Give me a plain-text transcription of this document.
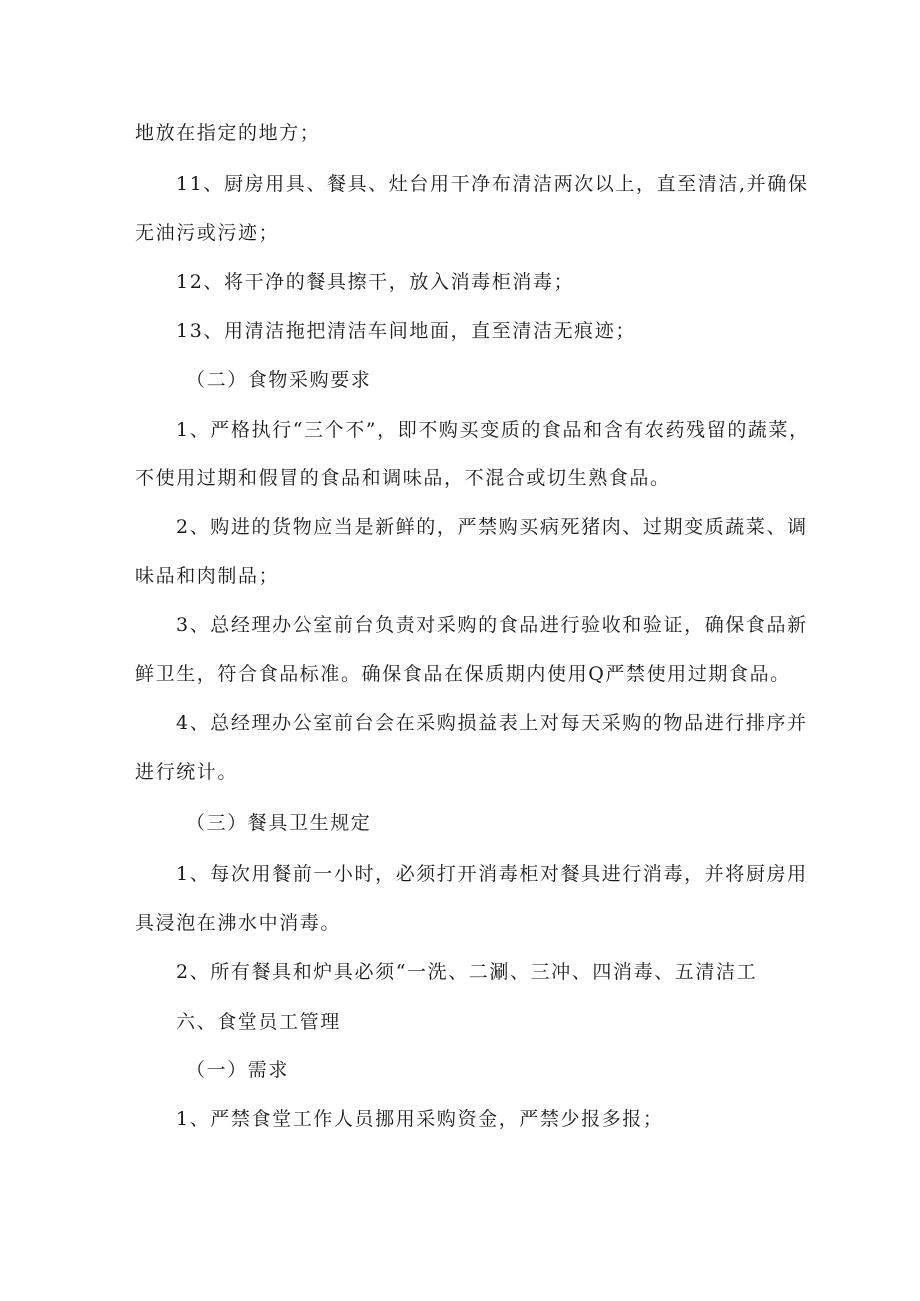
地放在指定的地方；
11、厨房用具、餐具、灶台用干净布清洁两次以上，直至清洁,并确保
无油污或污迹；
12、将干净的餐具擦干，放入消毒柜消毒；
13、用清洁拖把清洁车间地面，直至清洁无痕迹；
（二）食物采购要求
1、严格执行“三个不”，即不购买变质的食品和含有农药残留的蔬菜，
不使用过期和假冒的食品和调味品，不混合或切生熟食品。
2、购进的货物应当是新鲜的，严禁购买病死猪肉、过期变质蔬菜、调
味品和肉制品；
3、总经理办公室前台负责对采购的食品进行验收和验证，确保食品新
鲜卫生，符合食品标准。确保食品在保质期内使用Q严禁使用过期食品。
4、总经理办公室前台会在采购损益表上对每天采购的物品进行排序并
进行统计。
（三）餐具卫生规定
1、每次用餐前一小时，必须打开消毒柜对餐具进行消毒，并将厨房用
具浸泡在沸水中消毒。
2、所有餐具和炉具必须“一洗、二涮、三冲、四消毒、五清洁工
六、食堂员工管理
（一）需求
1、严禁食堂工作人员挪用采购资金，严禁少报多报；
